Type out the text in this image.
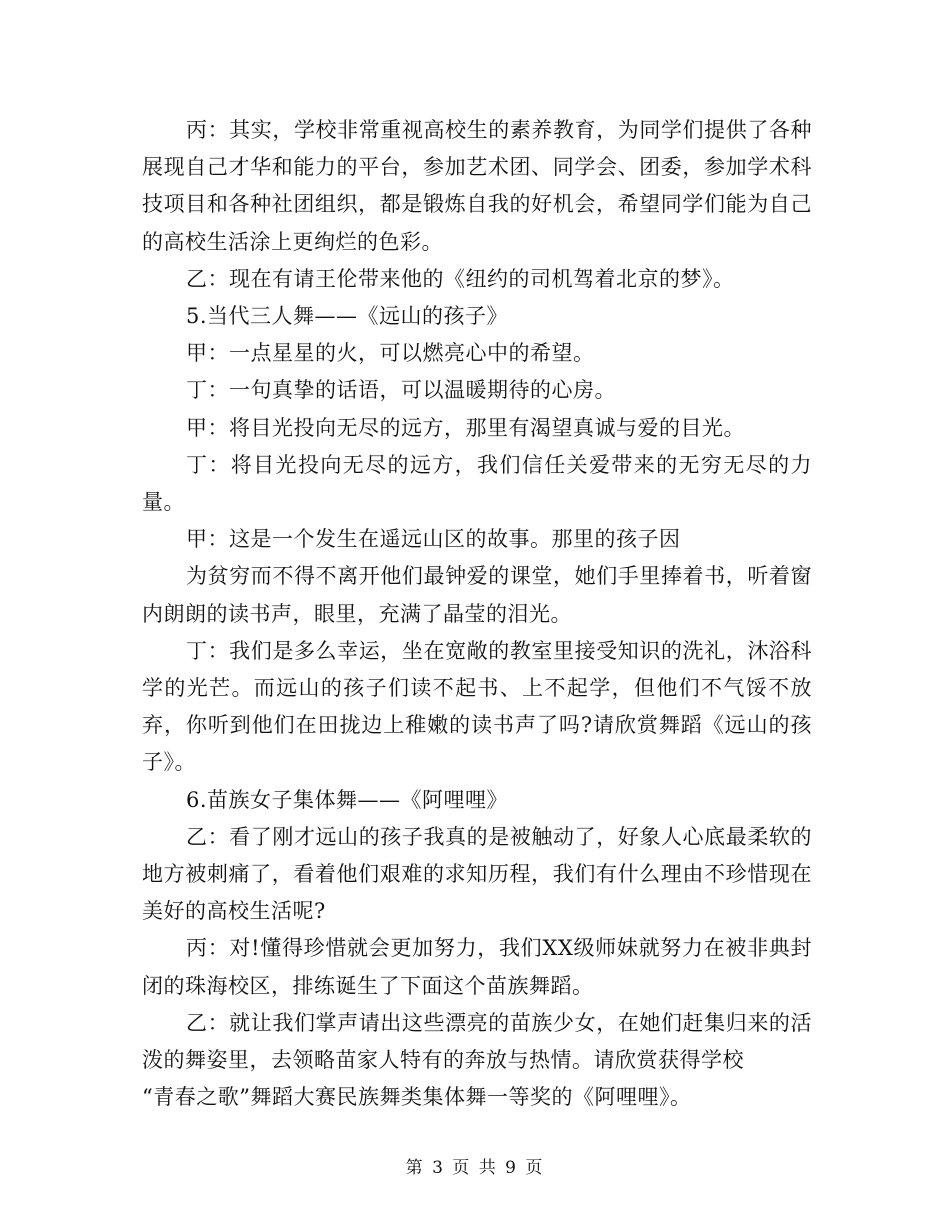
丙：其实，学校非常重视高校生的素养教育，为同学们提供了各种展现自己才华和能力的平台，参加艺术团、同学会、团委，参加学术科技项目和各种社团组织，都是锻炼自我的好机会，希望同学们能为自己的高校生活涂上更绚烂的色彩。

乙：现在有请王伦带来他的《纽约的司机驾着北京的梦》。

5.当代三人舞——《远山的孩子》

甲：一点星星的火，可以燃亮心中的希望。

丁：一句真挚的话语，可以温暖期待的心房。

甲：将目光投向无尽的远方，那里有渴望真诚与爱的目光。

丁：将目光投向无尽的远方，我们信任关爱带来的无穷无尽的力量。

甲：这是一个发生在遥远山区的故事。那里的孩子因

为贫穷而不得不离开他们最钟爱的课堂，她们手里捧着书，听着窗内朗朗的读书声，眼里，充满了晶莹的泪光。

丁：我们是多么幸运，坐在宽敞的教室里接受知识的洗礼，沐浴科学的光芒。而远山的孩子们读不起书、上不起学，但他们不气馁不放弃，你听到他们在田拢边上稚嫩的读书声了吗?请欣赏舞蹈《远山的孩子》。

6.苗族女子集体舞——《阿哩哩》

乙：看了刚才远山的孩子我真的是被触动了，好象人心底最柔软的地方被刺痛了，看着他们艰难的求知历程，我们有什么理由不珍惜现在美好的高校生活呢?

丙：对!懂得珍惜就会更加努力，我们XX级师妹就努力在被非典封闭的珠海校区，排练诞生了下面这个苗族舞蹈。

乙：就让我们掌声请出这些漂亮的苗族少女，在她们赶集归来的活泼的舞姿里，去领略苗家人特有的奔放与热情。请欣赏获得学校

“青春之歌”舞蹈大赛民族舞类集体舞一等奖的《阿哩哩》。

第 3 页 共 9 页
